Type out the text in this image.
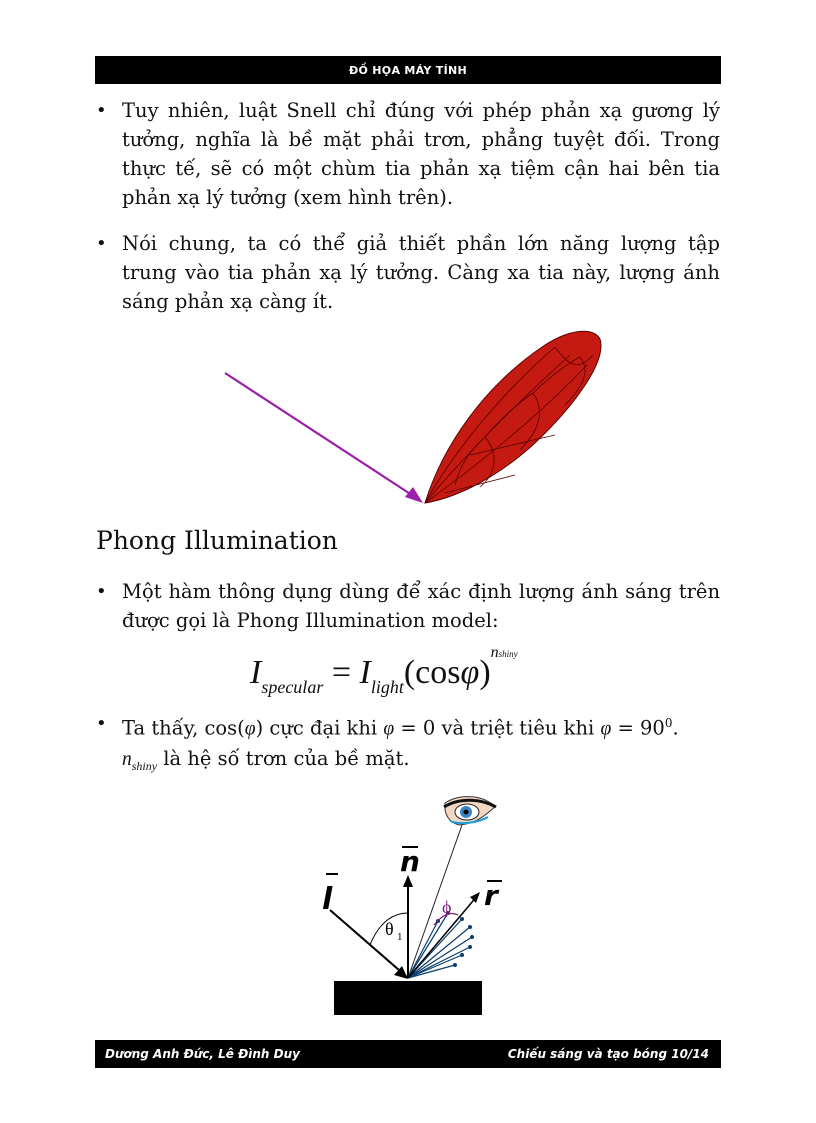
ĐỒ HỌA MÁY TÍNH
• Tuy nhiên, luật Snell chỉ đúng với phép phản xạ gương lý tưởng, nghĩa là bề mặt phải trơn, phẳng tuyệt đối. Trong thực tế, sẽ có một chùm tia phản xạ tiệm cận hai bên tia phản xạ lý tưởng (xem hình trên).
• Nói chung, ta có thể giả thiết phần lớn năng lượng tập trung vào tia phản xạ lý tưởng. Càng xa tia này, lượng ánh sáng phản xạ càng ít.
Phong Illumination
• Một hàm thông dụng dùng để xác định lượng ánh sáng trên được gọi là Phong Illumination model:
$I_{specular} = I_{light}(\cos\varphi)^{nshiny}$
• Ta thấy, cos(φ) cực đại khi φ = 0 và triệt tiêu khi $\varphi = 90^0$.
$n_{shiny}$ là hệ số trơn của bề mặt.
l
n
r
θ 1
ϕ
Dương Anh Đức, Lê Đình Duy	Chiếu sáng và tạo bóng 10/14
